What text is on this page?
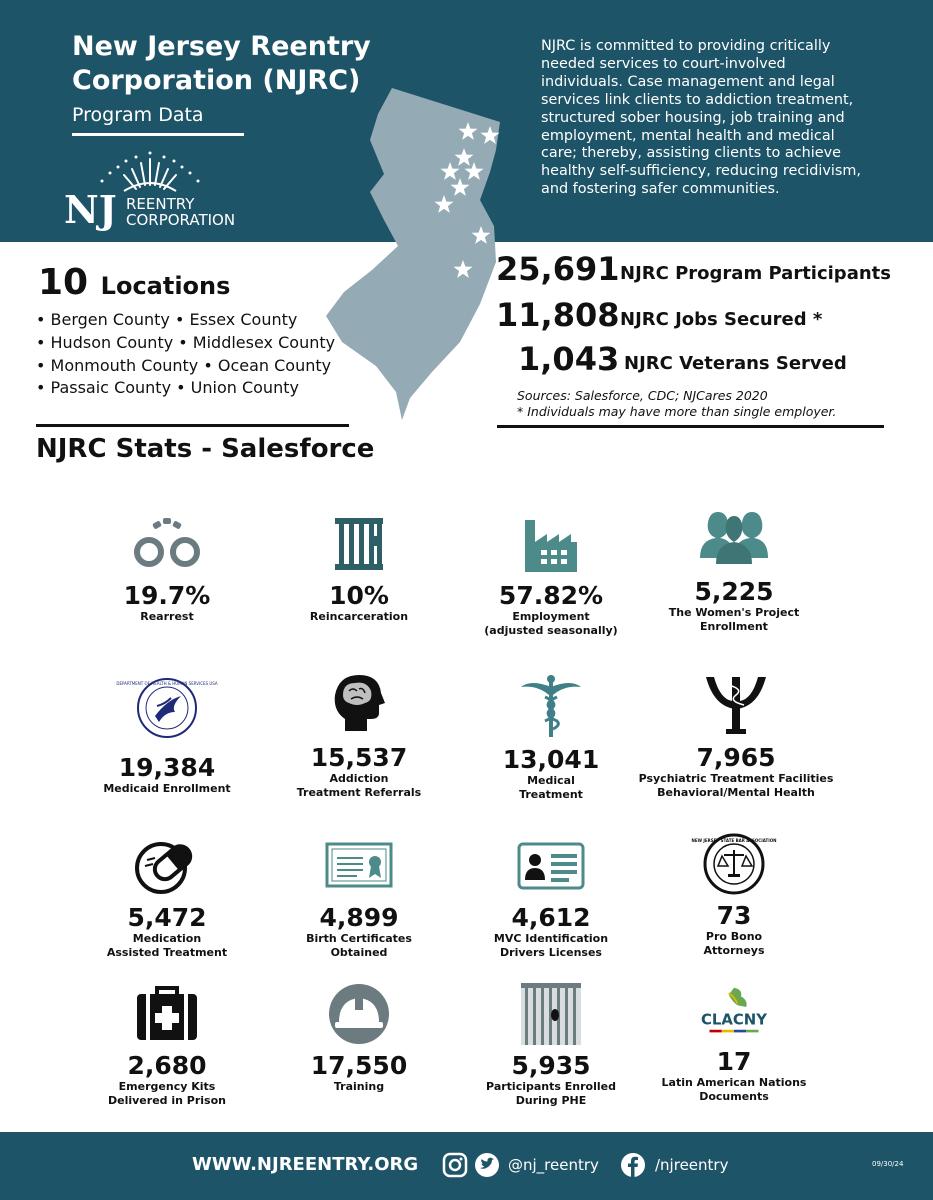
New Jersey Reentry
Corporation (NJRC)
Program Data
NJ REENTRY
CORPORATION
NJRC is committed to providing critically needed services to court-involved individuals. Case management and legal services link clients to addiction treatment, structured sober housing, job training and employment, mental health and medical care; thereby, assisting clients to achieve healthy self-sufficiency, reducing recidivism, and fostering safer communities.
10 Locations
• Bergen County • Essex County
• Hudson County • Middlesex County
• Monmouth County • Ocean County
• Passaic County • Union County
25,691 NJRC Program Participants
11,808 NJRC Jobs Secured *
1,043 NJRC Veterans Served
Sources: Salesforce, CDC; NJCares 2020
* Individuals may have more than single employer.
NJRC Stats - Salesforce
19.7%
Rearrest
10%
Reincarceration
57.82%
Employment
(adjusted seasonally)
5,225
The Women's Project
Enrollment
DEPARTMENT OF HEALTH & HUMAN SERVICES USA
19,384
Medicaid Enrollment
15,537
Addiction
Treatment Referrals
13,041
Medical
Treatment
7,965
Psychiatric Treatment Facilities
Behavioral/Mental Health
5,472
Medication
Assisted Treatment
4,899
Birth Certificates
Obtained
4,612
MVC Identification
Drivers Licenses
NEW JERSEY STATE BAR ASSOCIATION
73
Pro Bono
Attorneys
2,680
Emergency Kits
Delivered in Prison
17,550
Training
5,935
Participants Enrolled
During PHE
CLACNY
17
Latin American Nations
Documents
WWW.NJREENTRY.ORG	@nj_reentry	/njreentry	09/30/24
